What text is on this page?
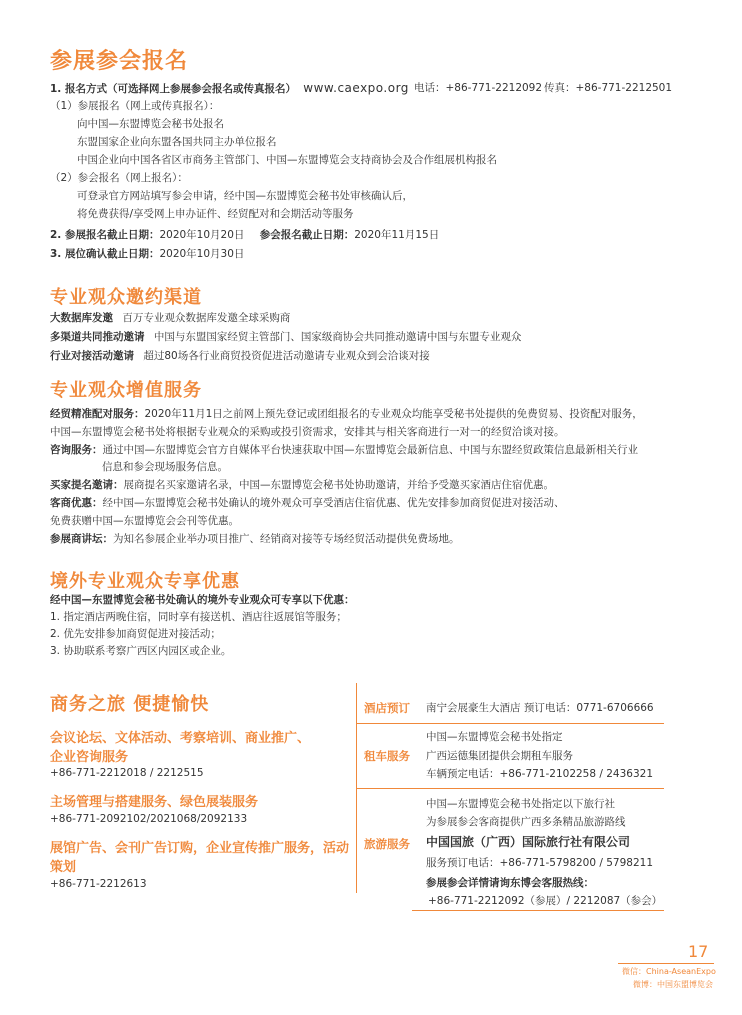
参展参会报名
1. 报名方式（可选择网上参展参会报名或传真报名） www.caexpo.org 电话：+86-771-2212092 传真：+86-771-2212501
（1）参展报名（网上或传真报名）：
向中国—东盟博览会秘书处报名
东盟国家企业向东盟各国共同主办单位报名
中国企业向中国各省区市商务主管部门、中国—东盟博览会支持商协会及合作组展机构报名
（2）参会报名（网上报名）：
可登录官方网站填写参会申请，经中国—东盟博览会秘书处审核确认后，
将免费获得/享受网上申办证件、经贸配对和会期活动等服务
2. 参展报名截止日期：2020年10月20日 参会报名截止日期：2020年11月15日
3. 展位确认截止日期：2020年10月30日
专业观众邀约渠道
大数据库发邀 百万专业观众数据库发邀全球采购商
多渠道共同推动邀请 中国与东盟国家经贸主管部门、国家级商协会共同推动邀请中国与东盟专业观众
行业对接活动邀请 超过80场各行业商贸投资促进活动邀请专业观众到会洽谈对接
专业观众增值服务
经贸精准配对服务：2020年11月1日之前网上预先登记或团组报名的专业观众均能享受秘书处提供的免费贸易、投资配对服务，
中国—东盟博览会秘书处将根据专业观众的采购或投引资需求，安排其与相关客商进行一对一的经贸洽谈对接。
咨询服务：通过中国—东盟博览会官方自媒体平台快速获取中国—东盟博览会最新信息、中国与东盟经贸政策信息最新相关行业
信息和参会现场服务信息。
买家提名邀请：展商提名买家邀请名录，中国—东盟博览会秘书处协助邀请，并给予受邀买家酒店住宿优惠。
客商优惠：经中国—东盟博览会秘书处确认的境外观众可享受酒店住宿优惠、优先安排参加商贸促进对接活动、
免费获赠中国—东盟博览会会刊等优惠。
参展商讲坛：为知名参展企业举办项目推广、经销商对接等专场经贸活动提供免费场地。
境外专业观众专享优惠
经中国—东盟博览会秘书处确认的境外专业观众可专享以下优惠：
1. 指定酒店两晚住宿，同时享有接送机、酒店往返展馆等服务；
2. 优先安排参加商贸促进对接活动；
3. 协助联系考察广西区内园区或企业。
商务之旅 便捷愉快
会议论坛、文体活动、考察培训、商业推广、企业咨询服务
+86-771-2212018 / 2212515
主场管理与搭建服务、绿色展装服务
+86-771-2092102/2021068/2092133
展馆广告、会刊广告订购，企业宣传推广服务，活动策划
+86-771-2212613
酒店预订 南宁会展豪生大酒店 预订电话：0771-6706666
租车服务
中国—东盟博览会秘书处指定
广西运德集团提供会期租车服务
车辆预定电话：+86-771-2102258 / 2436321
旅游服务
中国—东盟博览会秘书处指定以下旅行社
为参展参会客商提供广西多条精品旅游路线
中国国旅（广西）国际旅行社有限公司
服务预订电话：+86-771-5798200 / 5798211
参展参会详情请询东博会客服热线：
+86-771-2212092（参展）/ 2212087（参会）
17
微信：China-AseanExpo
微博：中国东盟博览会
